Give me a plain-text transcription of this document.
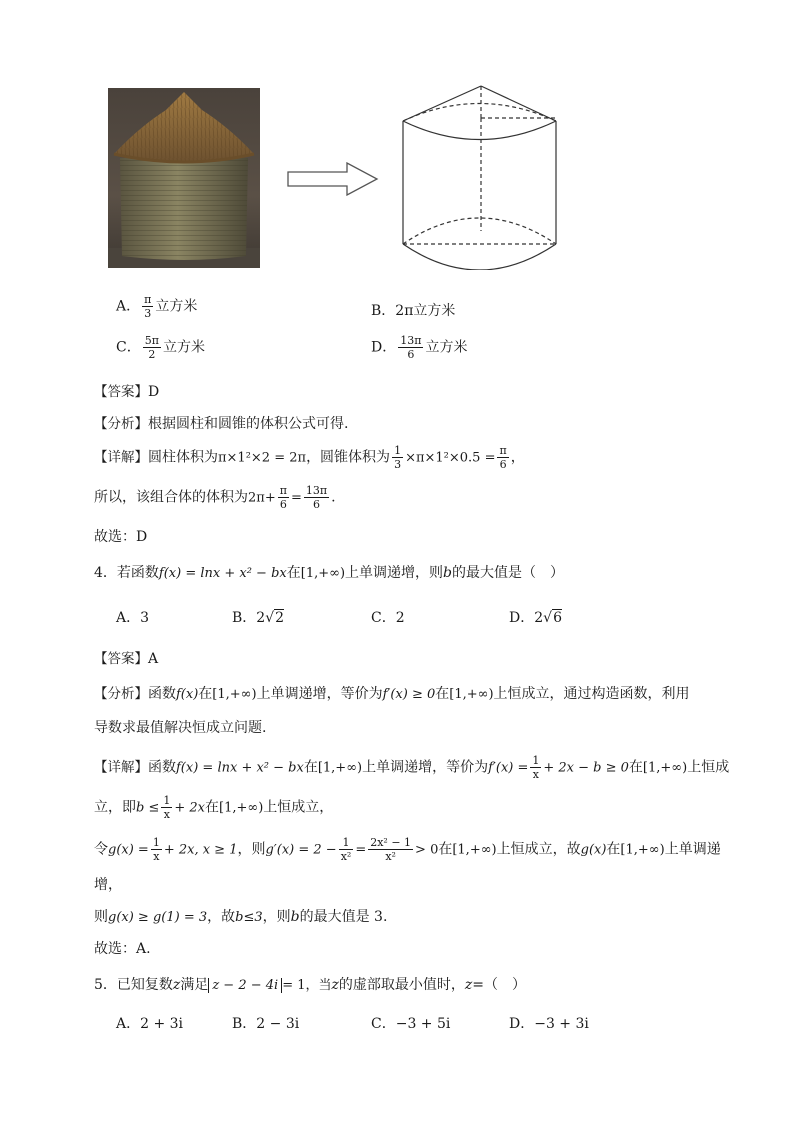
A． $\frac{\pi}{3}$ 立方米	B．2π立方米
C． $\frac{5\pi}{2}$ 立方米	D． $\frac{13\pi}{6}$ 立方米
【答案】D
【分析】根据圆柱和圆锥的体积公式可得.
【详解】圆柱体积为π×1²×2 = 2π，圆锥体积为 $\frac{1}{3} \times\pi\times 1^2\times 0.5 = \frac{\pi}{6}$ ，
所以，该组合体的体积为$2\pi+ \frac{\pi}{6} = \frac{13\pi}{6}$ .
故选：D
4．若函数f(x) = lnx + x² − bx在[1,+∞)上单调递增，则b的最大值是（　）
A．3	B．2√2	C．2	D．2√6
【答案】A
【分析】函数f(x)在[1,+∞)上单调递增，等价为f′(x) ≥ 0在[1,+∞)上恒成立，通过构造函数，利用
导数求最值解决恒成立问题.
【详解】函数f(x) = lnx + x² − bx在[1,+∞)上单调递增，等价为$f'(x) = \frac{1}{x} + 2x - b \ge 0$在[1,+∞)上恒成
立，即$b \le \frac{1}{x} + 2x$在[1,+∞)上恒成立，
令$g(x) = \frac{1}{x} + 2x$, x ≥ 1，则$g'(x) = 2 - \frac{1}{\text{x²}} = \frac{\text{2x² − 1}}{\text{x²}} > 0$在[1,+∞)上恒成立，故g(x)在[1,+∞)上单调递
增，
则g(x) ≥ g(1) = 3，故b≤3，则b的最大值是 3.
故选：A.
5．已知复数z满足 z − 2 − 4i = 1，当z的虚部取最小值时，z=（　）
A．2 + 3i	B．2 − 3i	C．−3 + 5i	D．−3 + 3i
